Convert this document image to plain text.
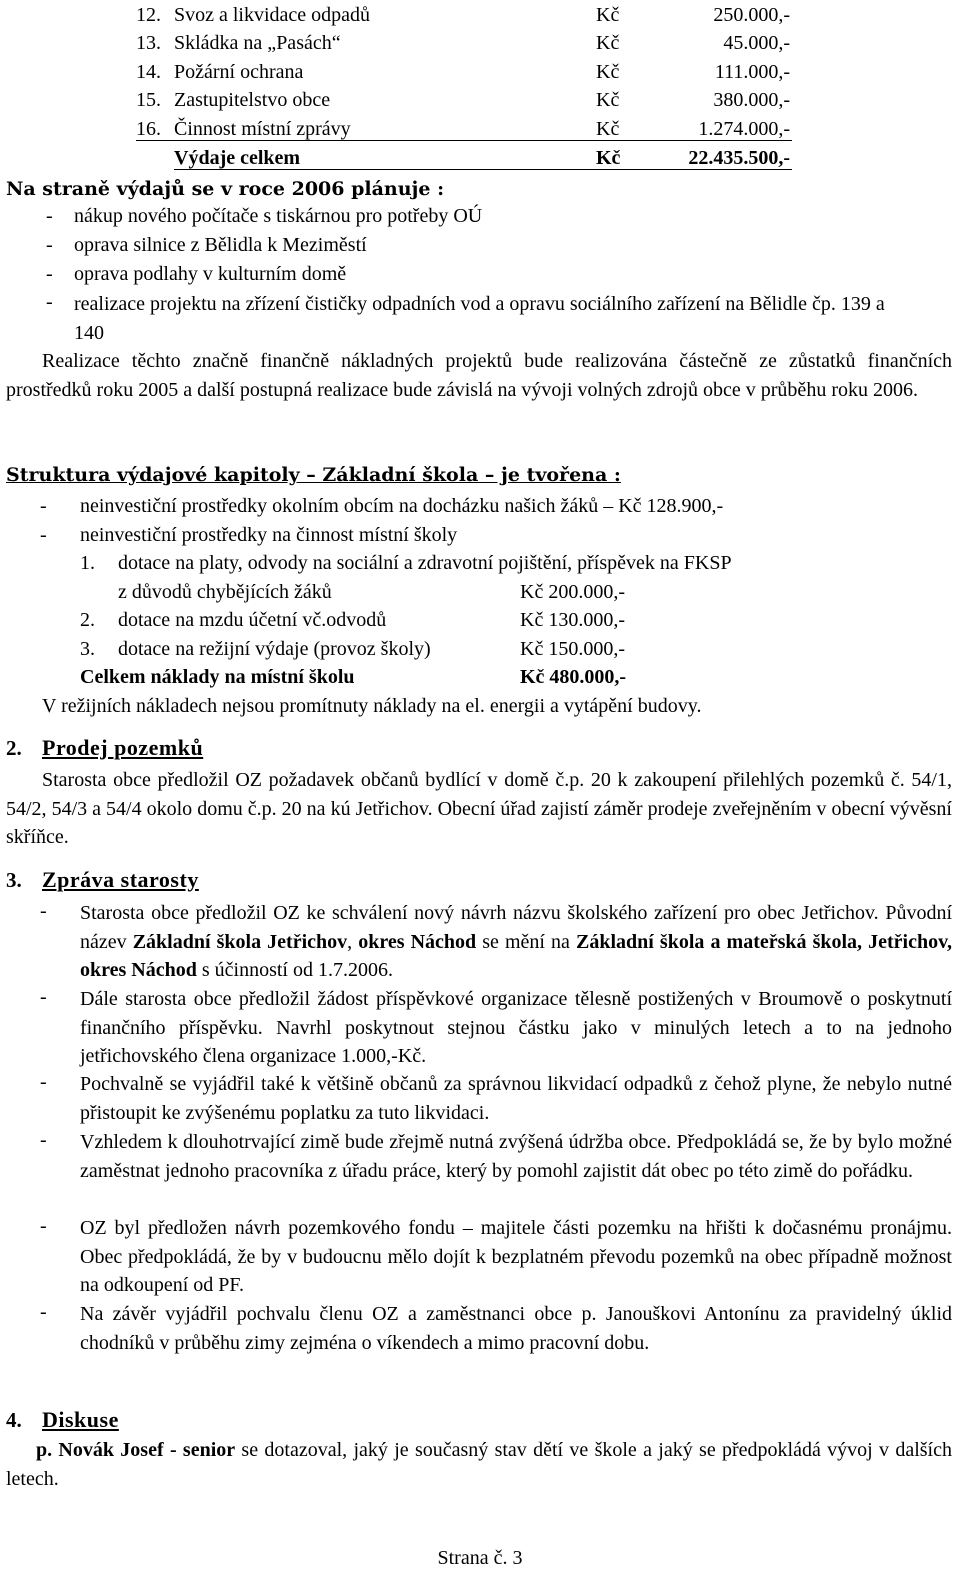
12. Svoz a likvidace odpadů	Kč	250.000,-
13. Skládka na „Pasách“	Kč	45.000,-
14. Požární ochrana	Kč	111.000,-
15. Zastupitelstvo obce	Kč	380.000,-
16. Činnost místní zprávy	Kč	1.274.000,-
Výdaje celkem	Kč	22.435.500,-
Na straně výdajů se v roce 2006 plánuje :
- nákup nového počítače s tiskárnou pro potřeby OÚ
- oprava silnice z Bělidla k Meziměstí
- oprava podlahy v kulturním domě
- realizace projektu na zřízení čističky odpadních vod a opravu sociálního zařízení na Bělidle čp. 139 a 140
Realizace těchto značně finančně nákladných projektů bude realizována částečně ze zůstatků finančních prostředků roku 2005 a další postupná realizace bude závislá na vývoji volných zdrojů obce v průběhu roku 2006.
Struktura výdajové kapitoly – Základní škola – je tvořena :
- neinvestiční prostředky okolním obcím na docházku našich žáků – Kč 128.900,-
- neinvestiční prostředky na činnost místní školy
1. dotace na platy, odvody na sociální a zdravotní pojištění, příspěvek na FKSP
z důvodů chybějících žáků	Kč 200.000,-
2. dotace na mzdu účetní vč.odvodů	Kč 130.000,-
3. dotace na režijní výdaje (provoz školy)	Kč 150.000,-
Celkem náklady na místní školu	Kč 480.000,-
V režijních nákladech nejsou promítnuty náklady na el. energii a vytápění budovy.
2. Prodej pozemků
Starosta obce předložil OZ požadavek občanů bydlící v domě č.p. 20 k zakoupení přilehlých pozemků č. 54/1, 54/2, 54/3 a 54/4 okolo domu č.p. 20 na kú Jetřichov. Obecní úřad zajistí záměr prodeje zveřejněním v obecní vývěsní skříňce.
3. Zpráva starosty
- Starosta obce předložil OZ ke schválení nový návrh názvu školského zařízení pro obec Jetřichov. Původní název Základní škola Jetřichov, okres Náchod se mění na Základní škola a mateřská škola, Jetřichov, okres Náchod s účinností od 1.7.2006.
- Dále starosta obce předložil žádost příspěvkové organizace tělesně postižených v Broumově o poskytnutí finančního příspěvku. Navrhl poskytnout stejnou částku jako v minulých letech a to na jednoho jetřichovského člena organizace 1.000,-Kč.
- Pochvalně se vyjádřil také k většině občanů za správnou likvidací odpadků z čehož plyne, že nebylo nutné přistoupit ke zvýšenému poplatku za tuto likvidaci.
- Vzhledem k dlouhotrvající zimě bude zřejmě nutná zvýšená údržba obce. Předpokládá se, že by bylo možné zaměstnat jednoho pracovníka z úřadu práce, který by pomohl zajistit dát obec po této zimě do pořádku.
- OZ byl předložen návrh pozemkového fondu – majitele části pozemku na hřišti k dočasnému pronájmu. Obec předpokládá, že by v budoucnu mělo dojít k bezplatném převodu pozemků na obec případně možnost na odkoupení od PF.
- Na závěr vyjádřil pochvalu členu OZ a zaměstnanci obce p. Janouškovi Antonínu za pravidelný úklid chodníků v průběhu zimy zejména o víkendech a mimo pracovní dobu.
4. Diskuse
p. Novák Josef - senior se dotazoval, jaký je současný stav dětí ve škole a jaký se předpokládá vývoj v dalších letech.
Strana č. 3
